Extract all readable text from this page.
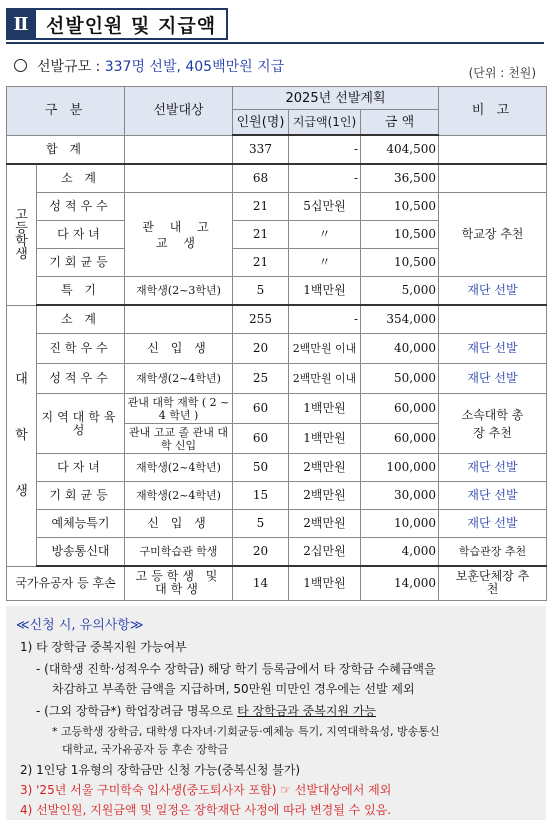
Ⅱ 선발인원 및 지급액
선발규모 : 337명 선발, 405백만원 지급	(단위 : 천원)
구 분		선발대상	2025년 선발계획			비 고
			인원(명)	지급액(1인)	금 액	
합 계			337	-	404,500	
고등학생	소 계		68	-	36,500	
	성적우수	관 내 고 교 생	21	5십만원	10,500	학교장 추천
	다자녀		21	〃	10,500	
	기회균등		21	〃	10,500	
	특 기	재학생(2~3학년)	5	1백만원	5,000	재단 선발
대학생	소 계		255	-	354,000	
	진학우수	신 입 생	20	2백만원 이내	40,000	재단 선발
	성적우수	재학생(2~4학년)	25	2백만원 이내	50,000	재단 선발
	지역대학육성	관내 대학 재학 ( 2 ~ 4 학년 )	60	1백만원	60,000	소속대학 총장 추천
		관내 고교 졸 관내 대학 신입	60	1백만원	60,000	
	다자녀	재학생(2~4학년)	50	2백만원	100,000	재단 선발
	기회균등	재학생(2~4학년)	15	2백만원	30,000	재단 선발
	예체능특기	신 입 생	5	2백만원	10,000	재단 선발
	방송통신대	구미학습관 학생	20	2십만원	4,000	학습관장 추천
국가유공자 등 후손		고등학생 및 대학생	14	1백만원	14,000	보훈단체장 추천
≪신청 시, 유의사항≫
1) 타 장학금 중복지원 가능여부
- (대학생 진학·성적우수 장학금) 해당 학기 등록금에서 타 장학금 수혜금액을
차감하고 부족한 금액을 지급하며, 50만원 미만인 경우에는 선발 제외
- (그외 장학금*) 학업장려금 명목으로 타 장학금과 중복지원 가능
* 고등학생 장학금, 대학생 다자녀·기회균등·예체능 특기, 지역대학육성, 방송통신
대학교, 국가유공자 등 후손 장학금
2) 1인당 1유형의 장학금만 신청 가능(중복신청 불가)
3) '25년 서울 구미학숙 입사생(중도퇴사자 포함) ☞ 선발대상에서 제외
4) 선발인원, 지원금액 및 일정은 장학재단 사정에 따라 변경될 수 있음.
